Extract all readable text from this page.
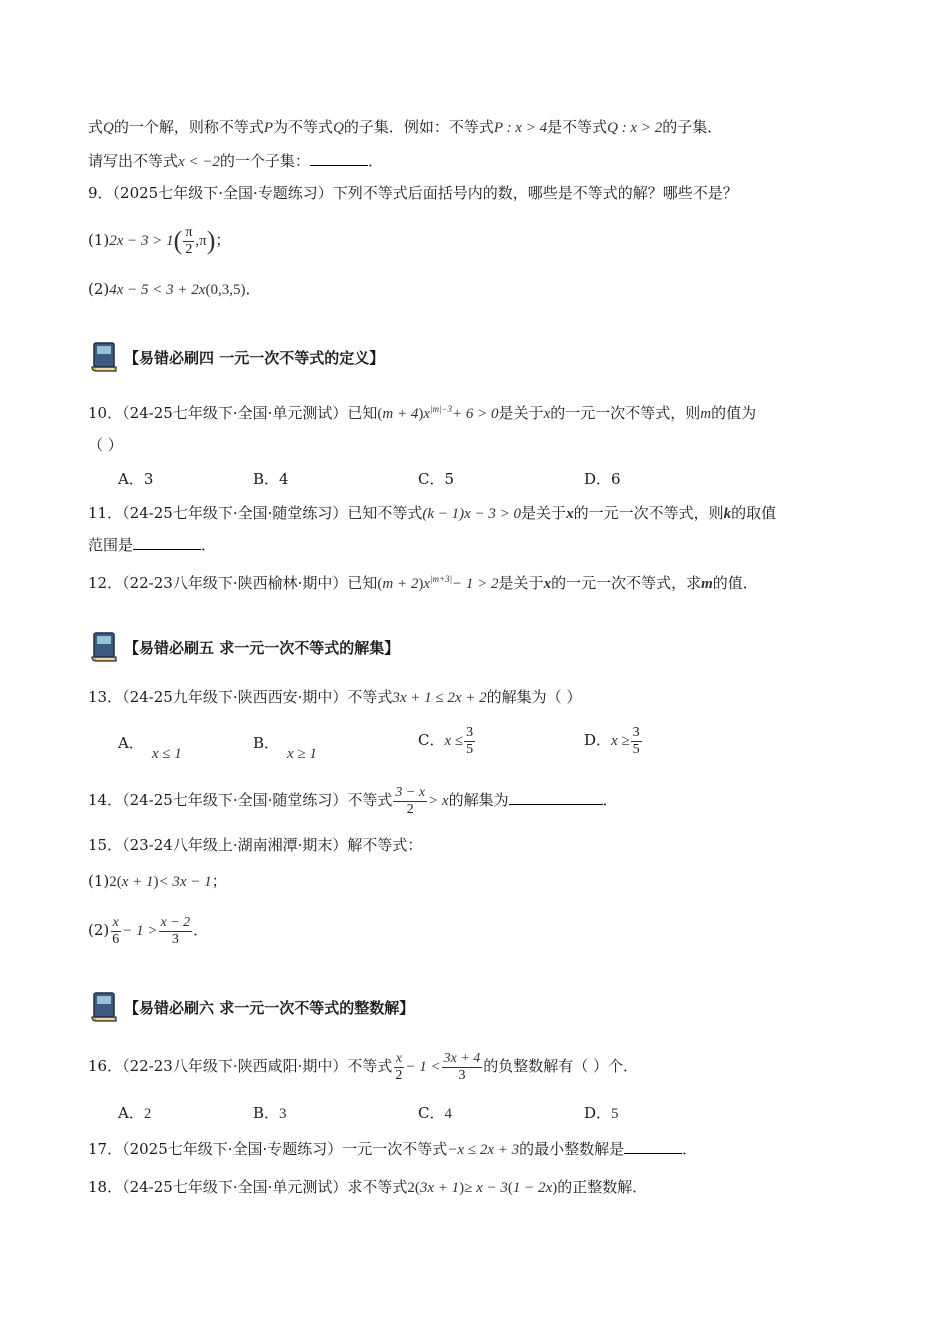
式Q的一个解，则称不等式P为不等式Q的子集．例如：不等式P : x > 4是不等式Q : x > 2的子集．
请写出不等式x < −2的一个子集：	．
9．（2025七年级下·全国·专题练习）下列不等式后面括号内的数，哪些是不等式的解？哪些不是？
$(1)2x - 3 > 1( \frac{\pi}{2} ,\pi)$；
(2)4x − 5 < 3 + 2x(0,3,5)．
【易错必刷四 一元一次不等式的定义】
10．（24-25七年级下·全国·单元测试）已知$(m + 4)x^{|m|-3}+ 6 > 0$是关于x的一元一次不等式，则m的值为
（ ）
A．3	B．4	C．5	D．6
11．（24-25七年级下·全国·随堂练习）已知不等式(k − 1)x − 3 > 0是关于x的一元一次不等式，则k的取值
范围是	．
12．（22-23八年级下·陕西榆林·期中）已知$(m + 2)x^{|m+3|}- 1 > 2$是关于x的一元一次不等式，求m的值．
【易错必刷五 求一元一次不等式的解集】
13．（24-25九年级下·陕西西安·期中）不等式3x + 1 ≤ 2x + 2的解集为（ ）
A．x ≤ 1
B．x ≥ 1
C．$x \le \frac{3}{5}$	D．$x \ge \frac{3}{5}$
14．（24-25七年级下·全国·随堂练习）不等式 $\frac{3 - x}{2} > x$的解集为	．
15．（23-24八年级上·湖南湘潭·期末）解不等式：
(1)2(x + 1)< 3x − 1；
$(2) \frac{x}{6} - 1 > \frac{x - 2}{3}$ ．
【易错必刷六 求一元一次不等式的整数解】
16．（22-23八年级下·陕西咸阳·期中）不等式 $\frac{x}{2} - 1 < \frac{3x + 4}{3}$ 的负整数解有（ ）个．
A．2	B．3	C．4	D．5
17．（2025七年级下·全国·专题练习）一元一次不等式−x ≤ 2x + 3的最小整数解是	．
18．（24-25七年级下·全国·单元测试）求不等式2(3x + 1)≥ x − 3(1 − 2x)的正整数解．
